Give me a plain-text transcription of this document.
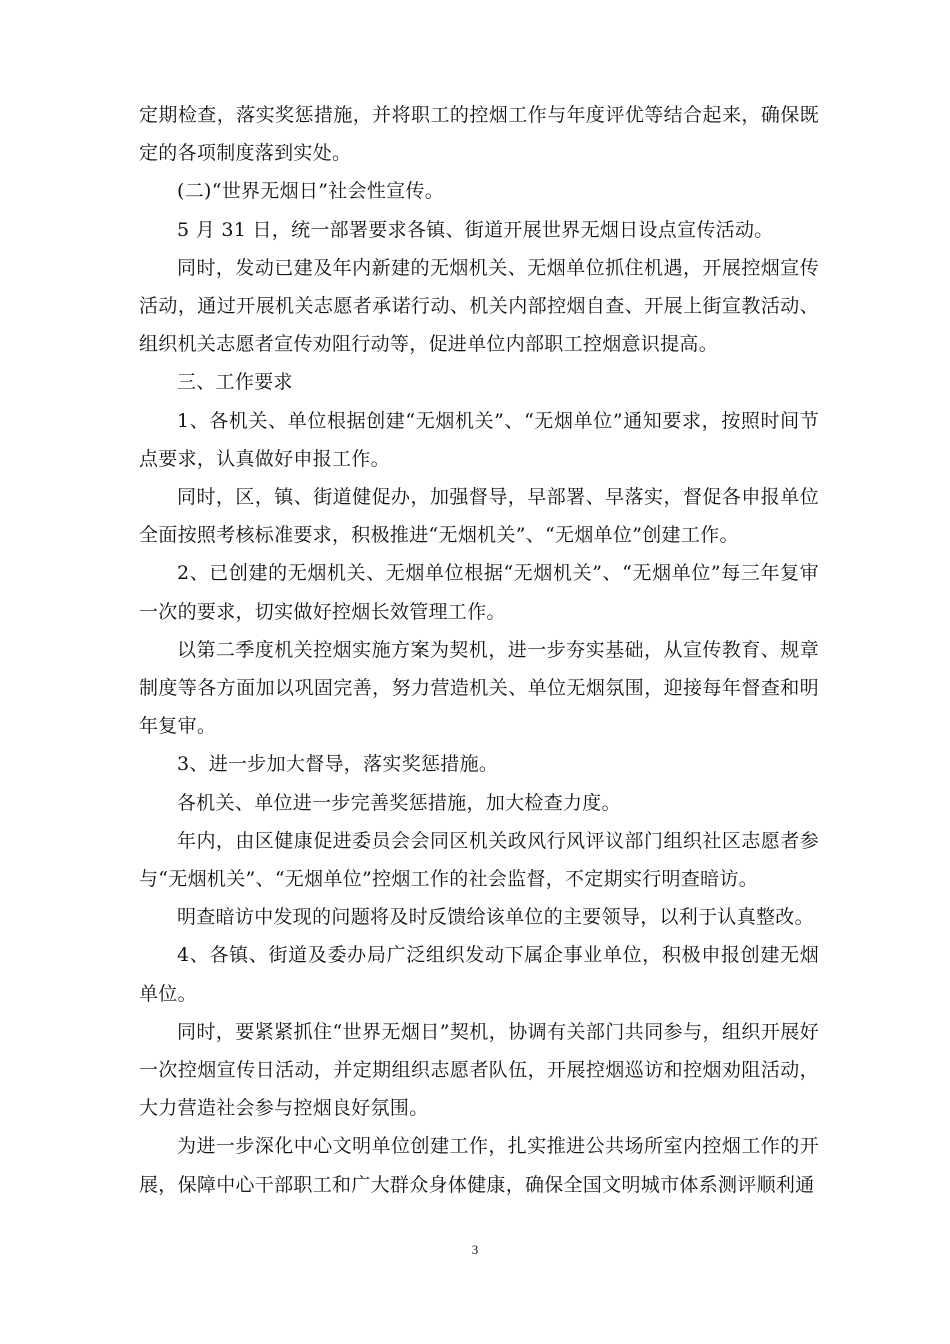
定期检查，落实奖惩措施，并将职工的控烟工作与年度评优等结合起来，确保既定的各项制度落到实处。

(二)“世界无烟日”社会性宣传。

5 月 31 日，统一部署要求各镇、街道开展世界无烟日设点宣传活动。

同时，发动已建及年内新建的无烟机关、无烟单位抓住机遇，开展控烟宣传活动，通过开展机关志愿者承诺行动、机关内部控烟自查、开展上街宣教活动、组织机关志愿者宣传劝阻行动等，促进单位内部职工控烟意识提高。

三、工作要求

1、各机关、单位根据创建“无烟机关”、“无烟单位”通知要求，按照时间节点要求，认真做好申报工作。

同时，区，镇、街道健促办，加强督导，早部署、早落实，督促各申报单位全面按照考核标准要求，积极推进“无烟机关”、“无烟单位”创建工作。

2、已创建的无烟机关、无烟单位根据“无烟机关”、“无烟单位”每三年复审一次的要求，切实做好控烟长效管理工作。

以第二季度机关控烟实施方案为契机，进一步夯实基础，从宣传教育、规章制度等各方面加以巩固完善，努力营造机关、单位无烟氛围，迎接每年督查和明年复审。

3、进一步加大督导，落实奖惩措施。

各机关、单位进一步完善奖惩措施，加大检查力度。

年内，由区健康促进委员会会同区机关政风行风评议部门组织社区志愿者参与“无烟机关”、“无烟单位”控烟工作的社会监督，不定期实行明查暗访。

明查暗访中发现的问题将及时反馈给该单位的主要领导，以利于认真整改。

4、各镇、街道及委办局广泛组织发动下属企事业单位，积极申报创建无烟单位。

同时，要紧紧抓住“世界无烟日”契机，协调有关部门共同参与，组织开展好一次控烟宣传日活动，并定期组织志愿者队伍，开展控烟巡访和控烟劝阻活动，大力营造社会参与控烟良好氛围。

为进一步深化中心文明单位创建工作，扎实推进公共场所室内控烟工作的开展，保障中心干部职工和广大群众身体健康，确保全国文明城市体系测评顺利通

3
